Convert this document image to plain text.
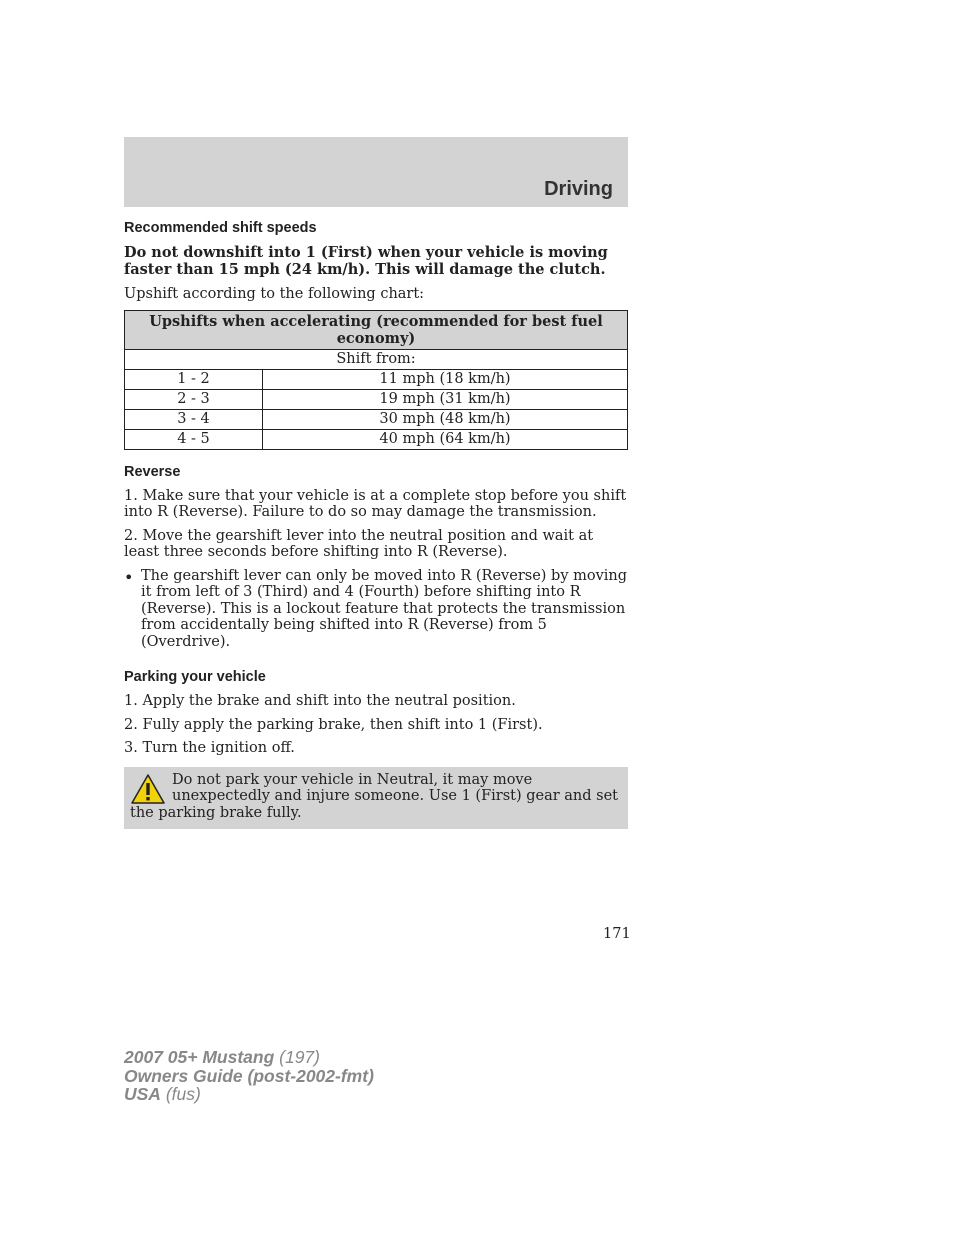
Driving
Recommended shift speeds

Do not downshift into 1 (First) when your vehicle is moving faster than 15 mph (24 km/h). This will damage the clutch.

Upshift according to the following chart:

Upshifts when accelerating (recommended for best fuel economy)	
Shift from:	
1 - 2	11 mph (18 km/h)
2 - 3	19 mph (31 km/h)
3 - 4	30 mph (48 km/h)
4 - 5	40 mph (64 km/h)
Reverse

1. Make sure that your vehicle is at a complete stop before you shift into R (Reverse). Failure to do so may damage the transmission.

2. Move the gearshift lever into the neutral position and wait at least three seconds before shifting into R (Reverse).

• The gearshift lever can only be moved into R (Reverse) by moving it from left of 3 (Third) and 4 (Fourth) before shifting into R (Reverse). This is a lockout feature that protects the transmission from accidentally being shifted into R (Reverse) from 5 (Overdrive).

Parking your vehicle

1. Apply the brake and shift into the neutral position.

2. Fully apply the parking brake, then shift into 1 (First).

3. Turn the ignition off.

Do not park your vehicle in Neutral, it may move unexpectedly and injure someone. Use 1 (First) gear and set the parking brake fully.

171
2007 05+ Mustang (197)
Owners Guide (post-2002-fmt)
USA (fus)
